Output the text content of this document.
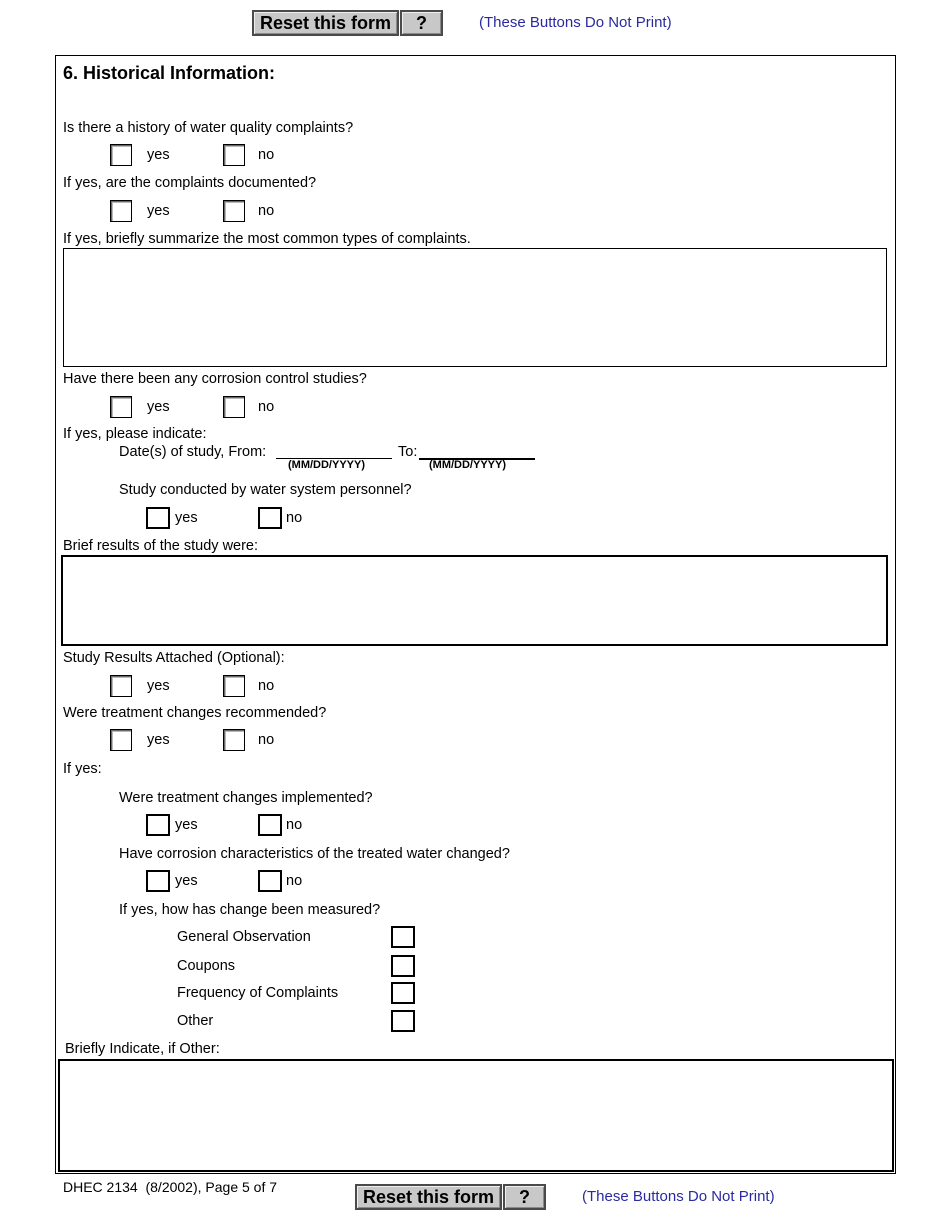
Reset this form	?	(These Buttons Do Not Print)
6. Historical Information:
Is there a history of water quality complaints?
yes	no
If yes, are the complaints documented?
yes	no
If yes, briefly summarize the most common types of complaints.
Have there been any corrosion control studies?
yes	no
If yes, please indicate:
Date(s) of study, From:
(MM/DD/YYYY)
To:
(MM/DD/YYYY)
Study conducted by water system personnel?
yes	no
Brief results of the study were:
Study Results Attached (Optional):
yes	no
Were treatment changes recommended?
yes	no
If yes:
Were treatment changes implemented?
yes	no
Have corrosion characteristics of the treated water changed?
yes	no
If yes, how has change been measured?
General Observation
Coupons
Frequency of Complaints
Other
Briefly Indicate, if Other:
DHEC 2134  (8/2002), Page 5 of 7	Reset this form	?	(These Buttons Do Not Print)
